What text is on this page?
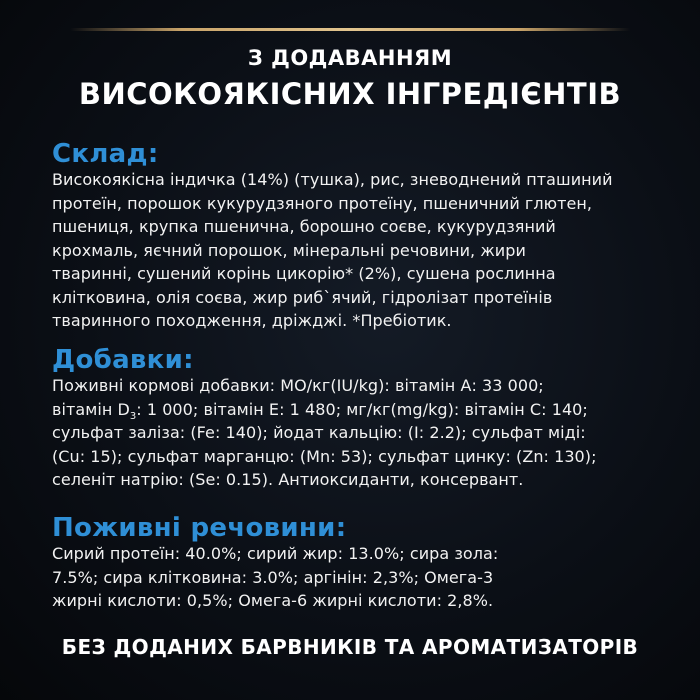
З ДОДАВАННЯМ
ВИСОКОЯКІСНИХ ІНГРЕДІЄНТІВ
Склад:

Високоякісна індичка (14%) (тушка), рис, зневоднений пташиний
протеїн, порошок кукурудзяного протеїну, пшеничний глютен,
пшениця, крупка пшенична, борошно соєве, кукурудзяний
крохмаль, яєчний порошок, мінеральні речовини, жири
тваринні, сушений корінь цикорію* (2%), сушена рослинна
клітковина, олія соєва, жир риб`ячий, гідролізат протеїнів
тваринного походження, дріжджі. *Пребіотик.

Добавки:

Поживні кормові добавки: МО/кг(IU/kg): вітамін А: 33 000;
вітамін $D_3$: 1 000; вітамін Е: 1 480; мг/кг(mg/kg): вітамін С: 140;
сульфат заліза: (Fe: 140); йодат кальцію: (I: 2.2); сульфат міді:
(Cu: 15); сульфат марганцю: (Mn: 53); сульфат цинку: (Zn: 130);
селеніт натрію: (Se: 0.15). Антиоксиданти, консервант.

Поживні речовини:

Сирий протеїн: 40.0%; сирий жир: 13.0%; сира зола:
7.5%; сира клітковина: 3.0%; аргінін: 2,3%; Омега-3
жирні кислоти: 0,5%; Омега-6 жирні кислоти: 2,8%.

БЕЗ ДОДАНИХ БАРВНИКІВ ТА АРОМАТИЗАТОРІВ
